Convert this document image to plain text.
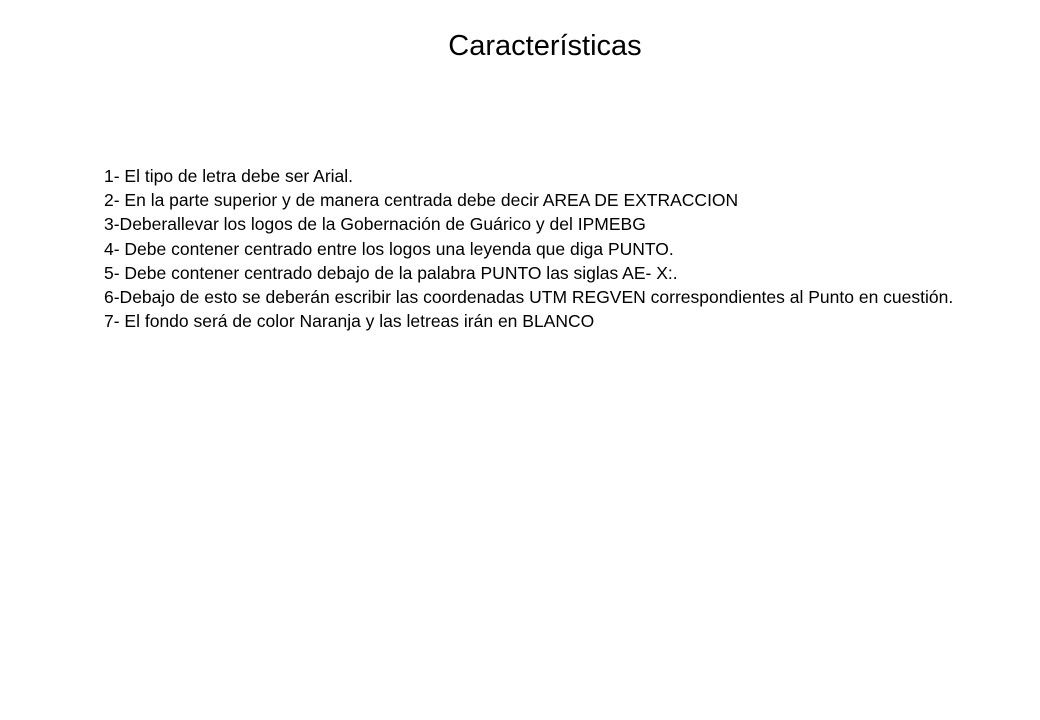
Características

1- El tipo de letra debe ser Arial.

2- En la parte superior y de manera centrada debe decir AREA DE EXTRACCION

3-Deberallevar los logos de la Gobernación de Guárico y del IPMEBG

4- Debe contener centrado entre los logos una leyenda que diga PUNTO.

5- Debe contener centrado debajo de la palabra PUNTO las siglas AE- X:.

6-Debajo de esto se deberán escribir las coordenadas UTM REGVEN correspondientes al Punto en cuestión.

7- El fondo será de color Naranja y las letreas irán en BLANCO
